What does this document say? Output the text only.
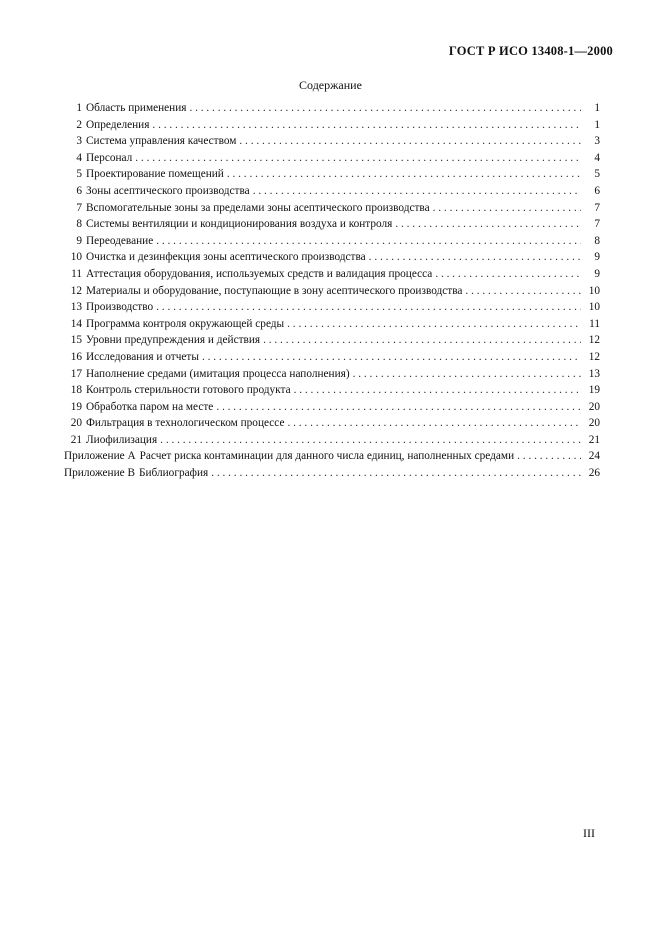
ГОСТ Р ИСО 13408-1—2000
Содержание
1 Область применения . . .	1
2 Определения . . .	1
3 Система управления качеством . . .	3
4 Персонал . . .	4
5 Проектирование помещений . . .	5
6 Зоны асептического производства . . .	6
7 Вспомогательные зоны за пределами зоны асептического производства . . .	7
8 Системы вентиляции и кондиционирования воздуха и контроля . . .	7
9 Переодевание . . .	8
10 Очистка и дезинфекция зоны асептического производства . . .	9
11 Аттестация оборудования, используемых средств и валидация процесса . . .	9
12 Материалы и оборудование, поступающие в зону асептического производства . . .	10
13 Производство . . .	10
14 Программа контроля окружающей среды . . .	11
15 Уровни предупреждения и действия . . .	12
16 Исследования и отчеты . . .	12
17 Наполнение средами (имитация процесса наполнения) . . .	13
18 Контроль стерильности готового продукта . . .	19
19 Обработка паром на месте . . .	20
20 Фильтрация в технологическом процессе . . .	20
21 Лиофилизация . . .	21
Приложение А Расчет риска контаминации для данного числа единиц, наполненных средами . . .	24
Приложение В Библиография . . .	26
III
